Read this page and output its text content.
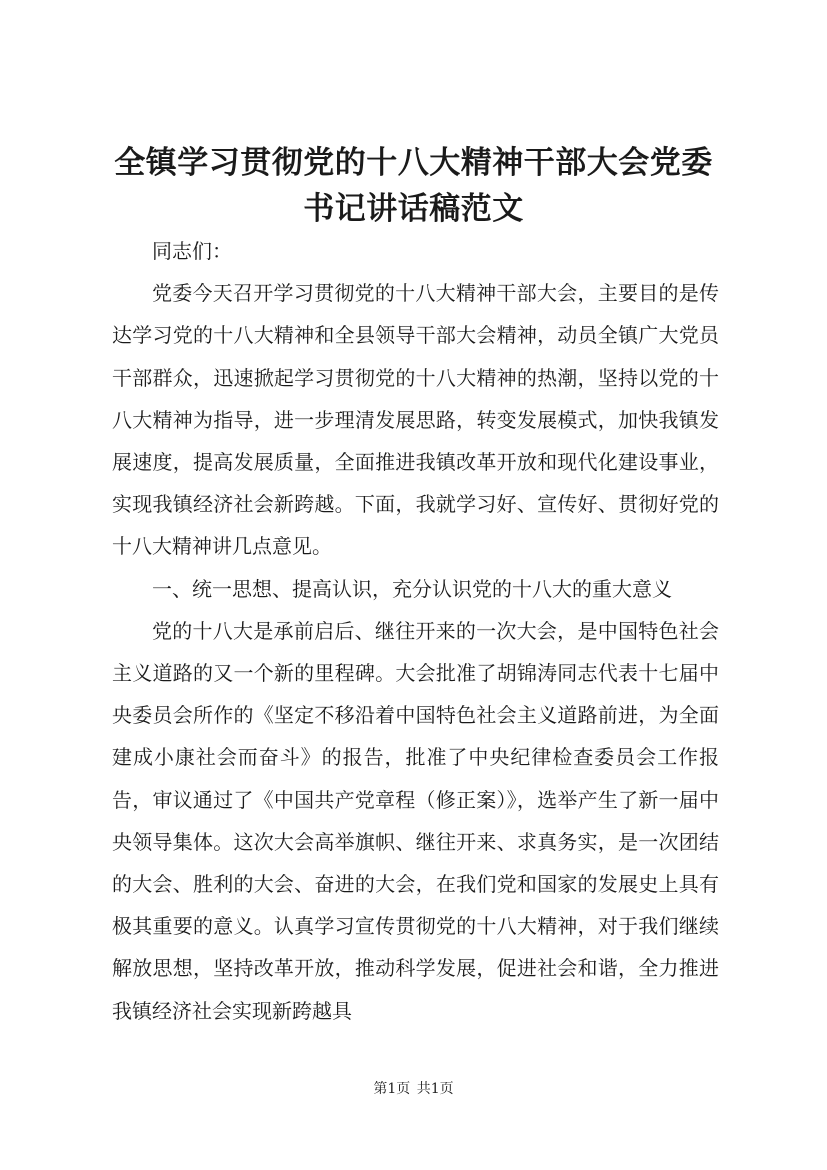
全镇学习贯彻党的十八大精神干部大会党委书记讲话稿范文

同志们：

党委今天召开学习贯彻党的十八大精神干部大会，主要目的是传达学习党的十八大精神和全县领导干部大会精神，动员全镇广大党员干部群众，迅速掀起学习贯彻党的十八大精神的热潮，坚持以党的十八大精神为指导，进一步理清发展思路，转变发展模式，加快我镇发展速度，提高发展质量，全面推进我镇改革开放和现代化建设事业，实现我镇经济社会新跨越。下面，我就学习好、宣传好、贯彻好党的十八大精神讲几点意见。

一、统一思想、提高认识，充分认识党的十八大的重大意义

党的十八大是承前启后、继往开来的一次大会，是中国特色社会主义道路的又一个新的里程碑。大会批准了胡锦涛同志代表十七届中央委员会所作的《坚定不移沿着中国特色社会主义道路前进，为全面建成小康社会而奋斗》的报告，批准了中央纪律检查委员会工作报告，审议通过了《中国共产党章程（修正案）》，选举产生了新一届中央领导集体。这次大会高举旗帜、继往开来、求真务实，是一次团结的大会、胜利的大会、奋进的大会，在我们党和国家的发展史上具有极其重要的意义。认真学习宣传贯彻党的十八大精神，对于我们继续解放思想，坚持改革开放，推动科学发展，促进社会和谐，全力推进我镇经济社会实现新跨越具

第1页 共1页
